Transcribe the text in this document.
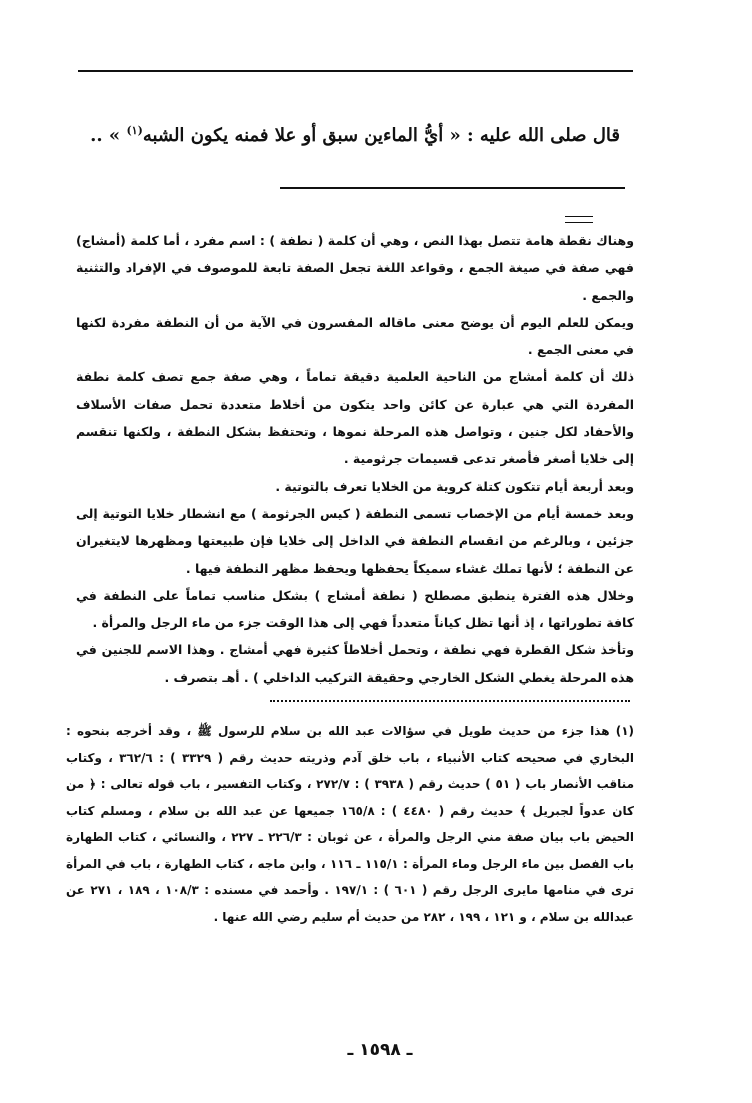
قال صلى الله عليه : « أيُّ الماءين سبق أو علا فمنه يكون الشبه$^{(١)}$ » ..

وهناك نقطة هامة تتصل بهذا النص ، وهي أن كلمة ( نطفة ) : اسم مفرد ، أما كلمة (أمشاج) فهي صفة في صيغة الجمع ، وقواعد اللغة تجعل الصفة تابعة للموصوف في الإفراد والتثنية والجمع .

ويمكن للعلم اليوم أن يوضح معنى ماقاله المفسرون في الآية من أن النطفة مفردة لكنها في معنى الجمع .

ذلك أن كلمة أمشاج من الناحية العلمية دقيقة تماماً ، وهي صفة جمع تصف كلمة نطفة المفردة التي هي عبارة عن كائن واحد يتكون من أخلاط متعددة تحمل صفات الأسلاف والأحفاد لكل جنين ، وتواصل هذه المرحلة نموها ، وتحتفظ بشكل النطفة ، ولكنها تنقسم إلى خلايا أصغر فأصغر تدعى قسيمات جرثومية .

وبعد أربعة أيام تتكون كتلة كروية من الخلايا تعرف بالتوتية .

وبعد خمسة أيام من الإخصاب تسمى النطفة ( كيس الجرثومة ) مع انشطار خلايا التوتية إلى جزئين ، وبالرغم من انقسام النطفة في الداخل إلى خلايا فإن طبيعتها ومظهرها لايتغيران عن النطفة ؛ لأنها تملك غشاء سميكاً يحفظها ويحفظ مظهر النطفة فيها .

وخلال هذه الفترة ينطبق مصطلح ( نطفة أمشاج ) بشكل مناسب تماماً على النطفة في كافة تطوراتها ، إذ أنها تظل كياناً متعدداً فهي إلى هذا الوقت جزء من ماء الرجل والمرأة .

وتأخذ شكل القطرة فهي نطفة ، وتحمل أخلاطاً كثيرة فهي أمشاج . وهذا الاسم للجنين في هذه المرحلة يغطي الشكل الخارجي وحقيقة التركيب الداخلي ) . أهـ بتصرف .

(١) هذا جزء من حديث طويل في سؤالات عبد الله بن سلام للرسول ﷺ ، وقد أخرجه بنحوه : البخاري في صحيحه كتاب الأنبياء ، باب خلق آدم وذريته حديث رقم ( ٣٣٢٩ ) : ٣٦٢/٦ ، وكتاب مناقب الأنصار باب ( ٥١ ) حديث رقم ( ٣٩٣٨ ) : ٢٧٢/٧ ، وكتاب التفسير ، باب قوله تعالى : ﴿ من كان عدواً لجبريل ﴾ حديث رقم ( ٤٤٨٠ ) : ١٦٥/٨ جميعها عن عبد الله بن سلام ، ومسلم كتاب الحيض باب بيان صفة مني الرجل والمرأة ، عن ثوبان : ٢٢٦/٣ ـ ٢٢٧ ، والنسائي ، كتاب الطهارة باب الفصل بين ماء الرجل وماء المرأة : ١١٥/١ ـ ١١٦ ، وابن ماجه ، كتاب الطهارة ، باب في المرأة ترى في منامها مايرى الرجل رقم ( ٦٠١ ) : ١٩٧/١ . وأحمد في مسنده : ١٠٨/٣ ، ١٨٩ ، ٢٧١ عن عبدالله بن سلام ، و ١٢١ ، ١٩٩ ، ٢٨٢ من حديث أم سليم رضي الله عنها .

ـ ١٥٩٨ ـ
